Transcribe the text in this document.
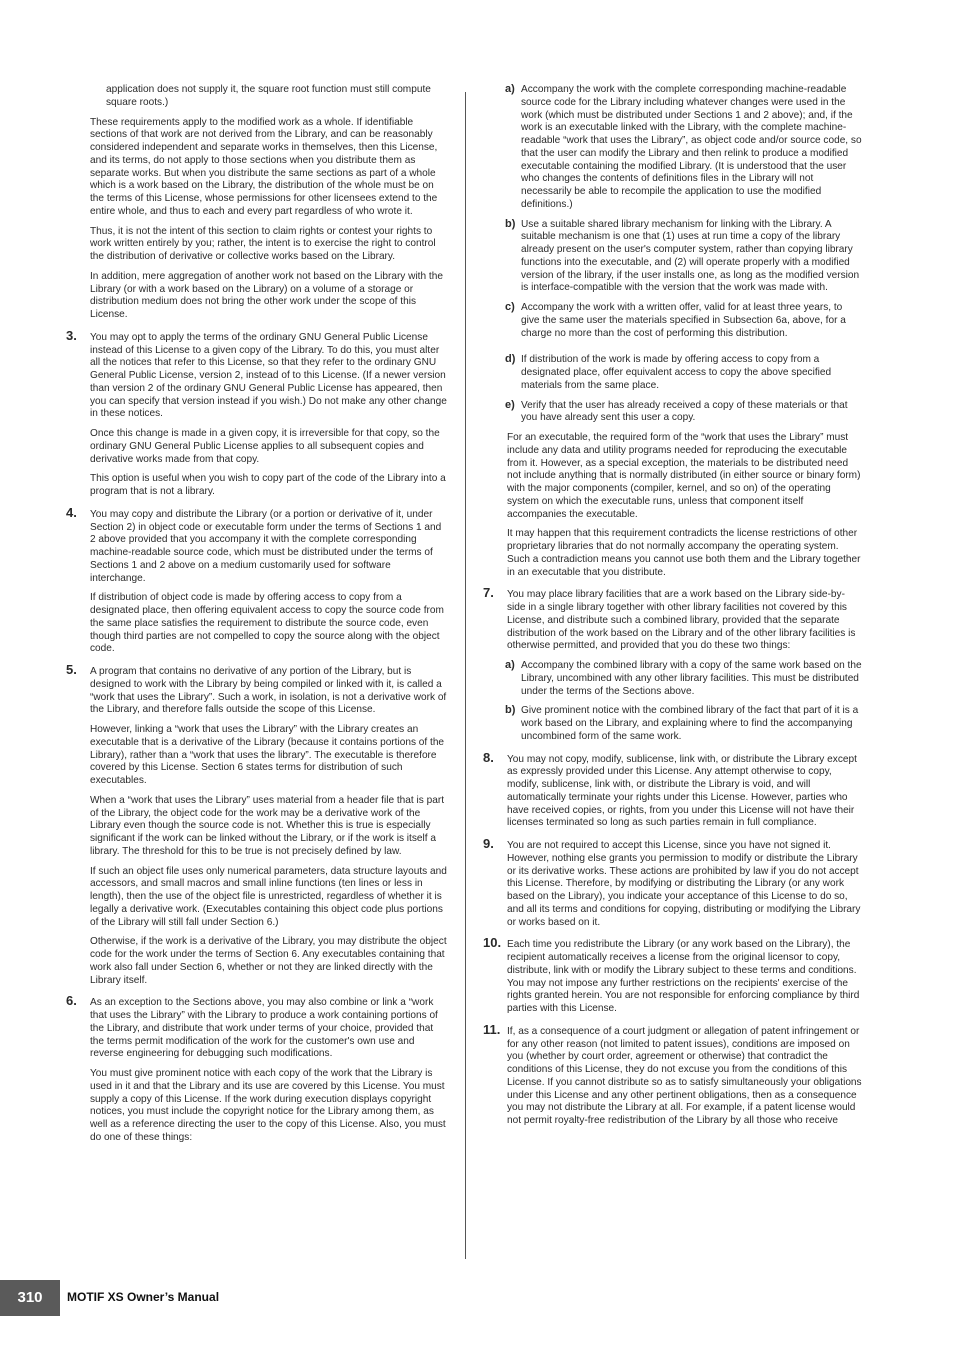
application does not supply it, the square root function must still compute square roots.)

These requirements apply to the modified work as a whole. If identifiable sections of that work are not derived from the Library, and can be reasonably considered independent and separate works in themselves, then this License, and its terms, do not apply to those sections when you distribute them as separate works. But when you distribute the same sections as part of a whole which is a work based on the Library, the distribution of the whole must be on the terms of this License, whose permissions for other licensees extend to the entire whole, and thus to each and every part regardless of who wrote it.

Thus, it is not the intent of this section to claim rights or contest your rights to work written entirely by you; rather, the intent is to exercise the right to control the distribution of derivative or collective works based on the Library.

In addition, mere aggregation of another work not based on the Library with the Library (or with a work based on the Library) on a volume of a storage or distribution medium does not bring the other work under the scope of this License.

3. You may opt to apply the terms of the ordinary GNU General Public License instead of this License to a given copy of the Library. To do this, you must alter all the notices that refer to this License, so that they refer to the ordinary GNU General Public License, version 2, instead of to this License. (If a newer version than version 2 of the ordinary GNU General Public License has appeared, then you can specify that version instead if you wish.) Do not make any other change in these notices.

Once this change is made in a given copy, it is irreversible for that copy, so the ordinary GNU General Public License applies to all subsequent copies and derivative works made from that copy.

This option is useful when you wish to copy part of the code of the Library into a program that is not a library.

4. You may copy and distribute the Library (or a portion or derivative of it, under Section 2) in object code or executable form under the terms of Sections 1 and 2 above provided that you accompany it with the complete corresponding machine-readable source code, which must be distributed under the terms of Sections 1 and 2 above on a medium customarily used for software interchange.

If distribution of object code is made by offering access to copy from a designated place, then offering equivalent access to copy the source code from the same place satisfies the requirement to distribute the source code, even though third parties are not compelled to copy the source along with the object code.

5. A program that contains no derivative of any portion of the Library, but is designed to work with the Library by being compiled or linked with it, is called a “work that uses the Library”. Such a work, in isolation, is not a derivative work of the Library, and therefore falls outside the scope of this License.

However, linking a “work that uses the Library” with the Library creates an executable that is a derivative of the Library (because it contains portions of the Library), rather than a “work that uses the library”. The executable is therefore covered by this License. Section 6 states terms for distribution of such executables.

When a “work that uses the Library” uses material from a header file that is part of the Library, the object code for the work may be a derivative work of the Library even though the source code is not. Whether this is true is especially significant if the work can be linked without the Library, or if the work is itself a library. The threshold for this to be true is not precisely defined by law.

If such an object file uses only numerical parameters, data structure layouts and accessors, and small macros and small inline functions (ten lines or less in length), then the use of the object file is unrestricted, regardless of whether it is legally a derivative work. (Executables containing this object code plus portions of the Library will still fall under Section 6.)

Otherwise, if the work is a derivative of the Library, you may distribute the object code for the work under the terms of Section 6. Any executables containing that work also fall under Section 6, whether or not they are linked directly with the Library itself.

6. As an exception to the Sections above, you may also combine or link a “work that uses the Library” with the Library to produce a work containing portions of the Library, and distribute that work under terms of your choice, provided that the terms permit modification of the work for the customer's own use and reverse engineering for debugging such modifications.

You must give prominent notice with each copy of the work that the Library is used in it and that the Library and its use are covered by this License. You must supply a copy of this License. If the work during execution displays copyright notices, you must include the copyright notice for the Library among them, as well as a reference directing the user to the copy of this License. Also, you must do one of these things:

a) Accompany the work with the complete corresponding machine-readable source code for the Library including whatever changes were used in the work (which must be distributed under Sections 1 and 2 above); and, if the work is an executable linked with the Library, with the complete machine-readable “work that uses the Library”, as object code and/or source code, so that the user can modify the Library and then relink to produce a modified executable containing the modified Library. (It is understood that the user who changes the contents of definitions files in the Library will not necessarily be able to recompile the application to use the modified definitions.)
b) Use a suitable shared library mechanism for linking with the Library. A suitable mechanism is one that (1) uses at run time a copy of the library already present on the user's computer system, rather than copying library functions into the executable, and (2) will operate properly with a modified version of the library, if the user installs one, as long as the modified version is interface-compatible with the version that the work was made with.
c) Accompany the work with a written offer, valid for at least three years, to give the same user the materials specified in Subsection 6a, above, for a charge no more than the cost of performing this distribution.
d) If distribution of the work is made by offering access to copy from a designated place, offer equivalent access to copy the above specified materials from the same place.
e) Verify that the user has already received a copy of these materials or that you have already sent this user a copy.

For an executable, the required form of the “work that uses the Library” must include any data and utility programs needed for reproducing the executable from it. However, as a special exception, the materials to be distributed need not include anything that is normally distributed (in either source or binary form) with the major components (compiler, kernel, and so on) of the operating system on which the executable runs, unless that component itself accompanies the executable.

It may happen that this requirement contradicts the license restrictions of other proprietary libraries that do not normally accompany the operating system. Such a contradiction means you cannot use both them and the Library together in an executable that you distribute.

7. You may place library facilities that are a work based on the Library side-by-side in a single library together with other library facilities not covered by this License, and distribute such a combined library, provided that the separate distribution of the work based on the Library and of the other library facilities is otherwise permitted, and provided that you do these two things:

a) Accompany the combined library with a copy of the same work based on the Library, uncombined with any other library facilities. This must be distributed under the terms of the Sections above.
b) Give prominent notice with the combined library of the fact that part of it is a work based on the Library, and explaining where to find the accompanying uncombined form of the same work.
8. You may not copy, modify, sublicense, link with, or distribute the Library except as expressly provided under this License. Any attempt otherwise to copy, modify, sublicense, link with, or distribute the Library is void, and will automatically terminate your rights under this License. However, parties who have received copies, or rights, from you under this License will not have their licenses terminated so long as such parties remain in full compliance.

9. You are not required to accept this License, since you have not signed it. However, nothing else grants you permission to modify or distribute the Library or its derivative works. These actions are prohibited by law if you do not accept this License. Therefore, by modifying or distributing the Library (or any work based on the Library), you indicate your acceptance of this License to do so, and all its terms and conditions for copying, distributing or modifying the Library or works based on it.

10. Each time you redistribute the Library (or any work based on the Library), the recipient automatically receives a license from the original licensor to copy, distribute, link with or modify the Library subject to these terms and conditions. You may not impose any further restrictions on the recipients' exercise of the rights granted herein. You are not responsible for enforcing compliance by third parties with this License.

11. If, as a consequence of a court judgment or allegation of patent infringement or for any other reason (not limited to patent issues), conditions are imposed on you (whether by court order, agreement or otherwise) that contradict the conditions of this License, they do not excuse you from the conditions of this License. If you cannot distribute so as to satisfy simultaneously your obligations under this License and any other pertinent obligations, then as a consequence you may not distribute the Library at all. For example, if a patent license would not permit royalty-free redistribution of the Library by all those who receive

310	MOTIF XS Owner’s Manual
